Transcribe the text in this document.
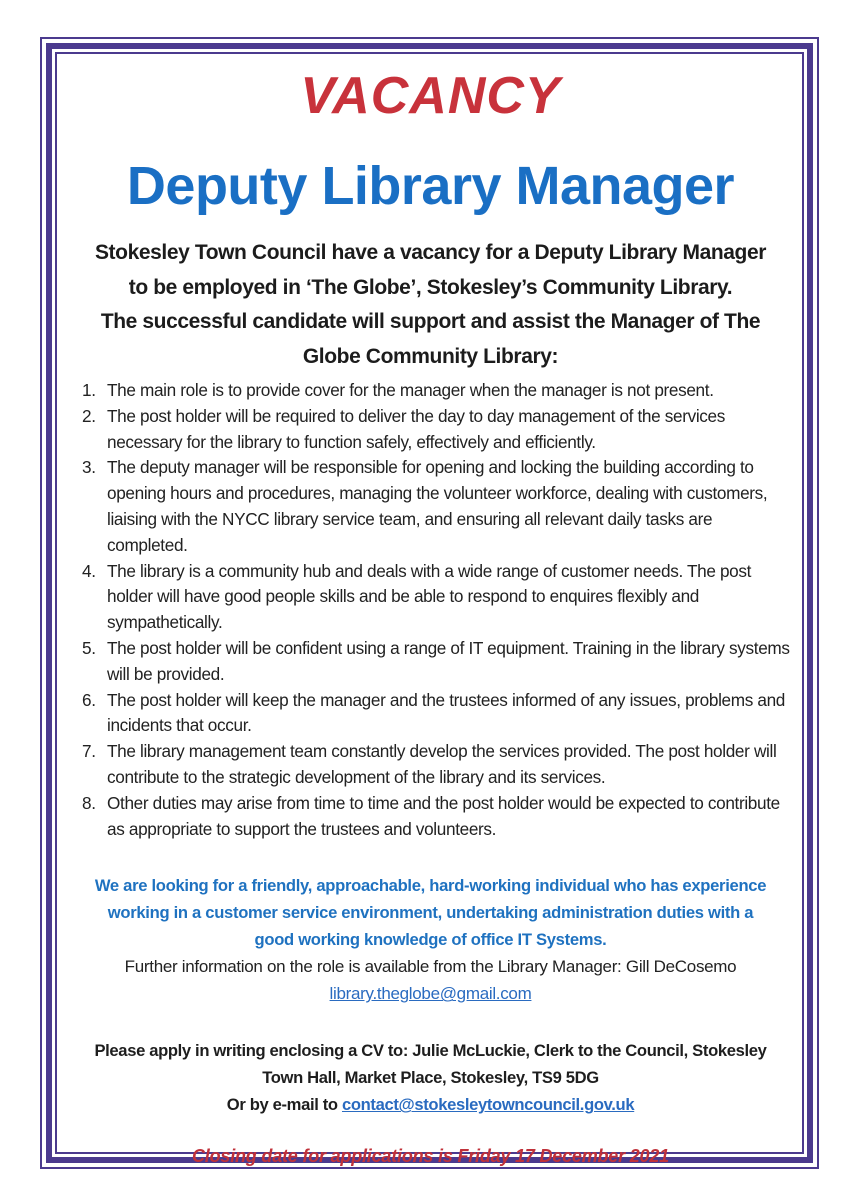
VACANCY
Deputy Library Manager
Stokesley Town Council have a vacancy for a Deputy Library Manager
to be employed in ‘The Globe’, Stokesley’s Community Library.
The successful candidate will support and assist the Manager of The
Globe Community Library:
1. The main role is to provide cover for the manager when the manager is not present.
2. The post holder will be required to deliver the day to day management of the services necessary for the library to function safely, effectively and efficiently.
3. The deputy manager will be responsible for opening and locking the building according to opening hours and procedures, managing the volunteer workforce, dealing with customers, liaising with the NYCC library service team, and ensuring all relevant daily tasks are completed.
4. The library is a community hub and deals with a wide range of customer needs. The post holder will have good people skills and be able to respond to enquires flexibly and sympathetically.
5. The post holder will be confident using a range of IT equipment. Training in the library systems will be provided.
6. The post holder will keep the manager and the trustees informed of any issues, problems and incidents that occur.
7. The library management team constantly develop the services provided. The post holder will contribute to the strategic development of the library and its services.
8. Other duties may arise from time to time and the post holder would be expected to contribute as appropriate to support the trustees and volunteers.
We are looking for a friendly, approachable, hard-working individual who has experience
working in a customer service environment, undertaking administration duties with a
good working knowledge of office IT Systems.
Further information on the role is available from the Library Manager: Gill DeCosemo
library.theglobe@gmail.com
Please apply in writing enclosing a CV to: Julie McLuckie, Clerk to the Council, Stokesley
Town Hall, Market Place, Stokesley, TS9 5DG
Or by e-mail to contact@stokesleytowncouncil.gov.uk
Closing date for applications is Friday 17 December 2021
